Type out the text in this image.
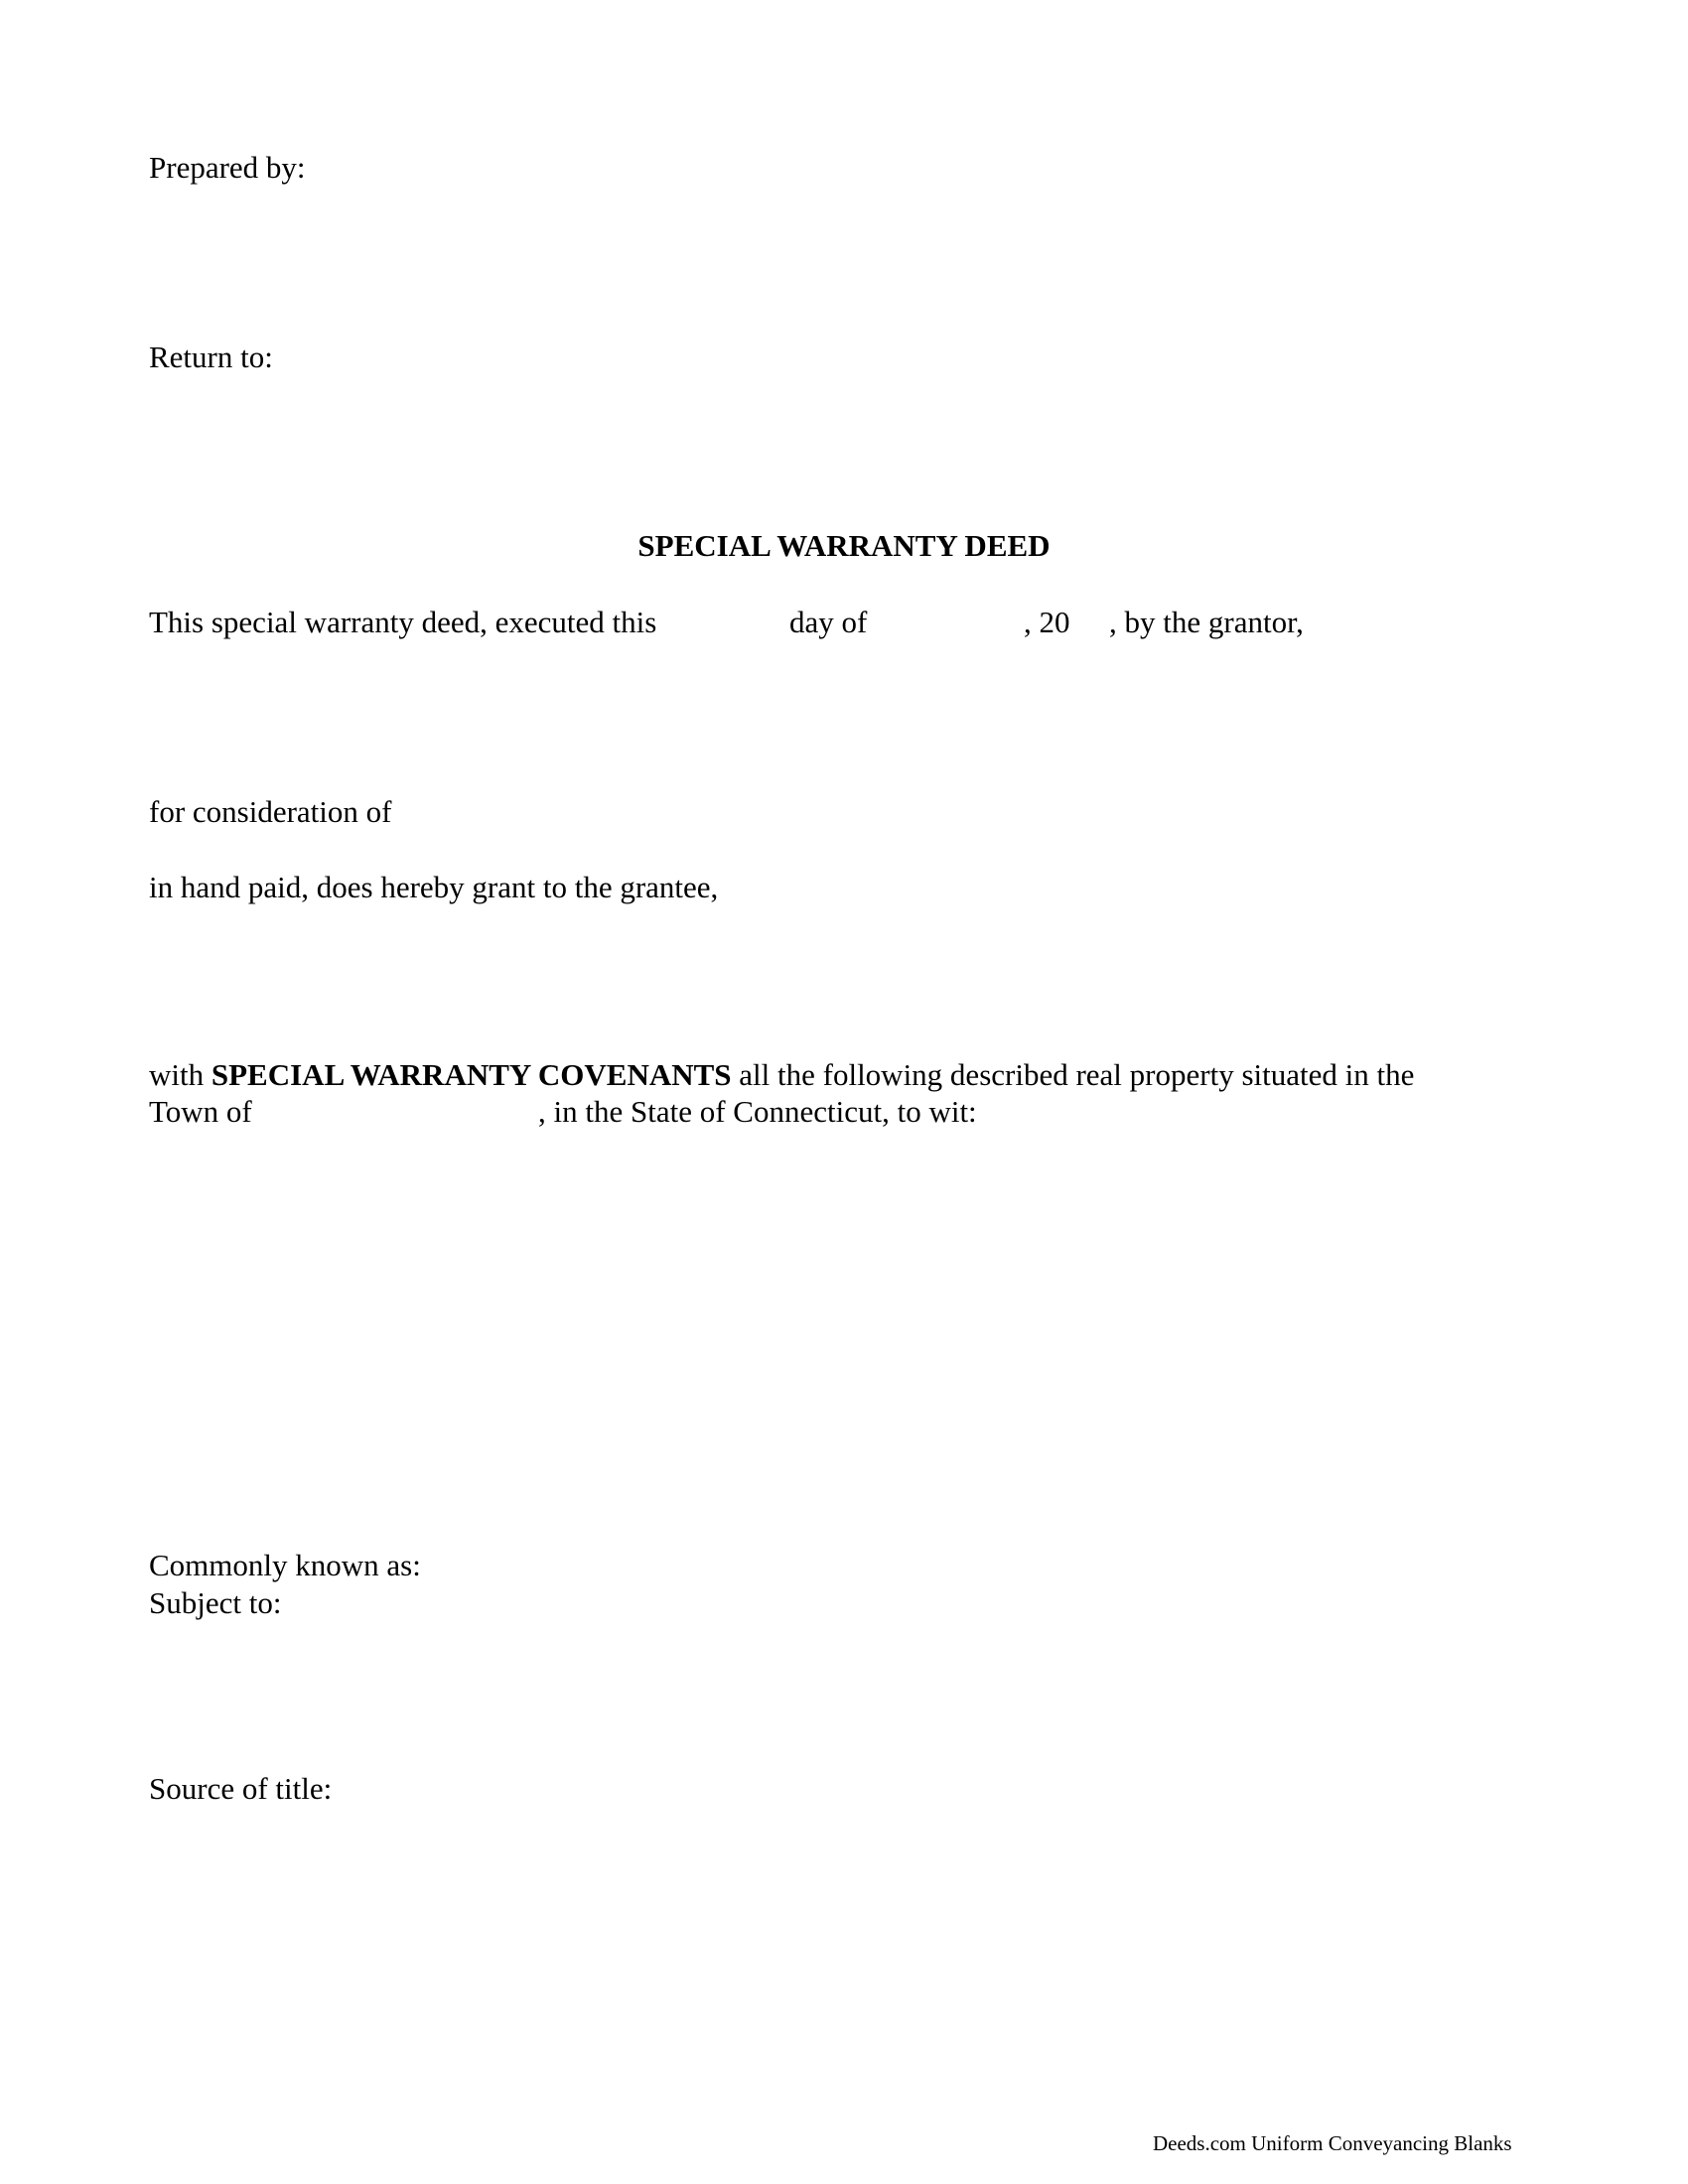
Prepared by:
Return to:
SPECIAL WARRANTY DEED
This special warranty deed, executed this	day of	, 20 , by the grantor,
for consideration of
in hand paid, does hereby grant to the grantee,
with SPECIAL WARRANTY COVENANTS all the following described real property situated in the
Town of	, in the State of Connecticut, to wit:
Commonly known as:
Subject to:
Source of title:
Deeds.com Uniform Conveyancing Blanks
